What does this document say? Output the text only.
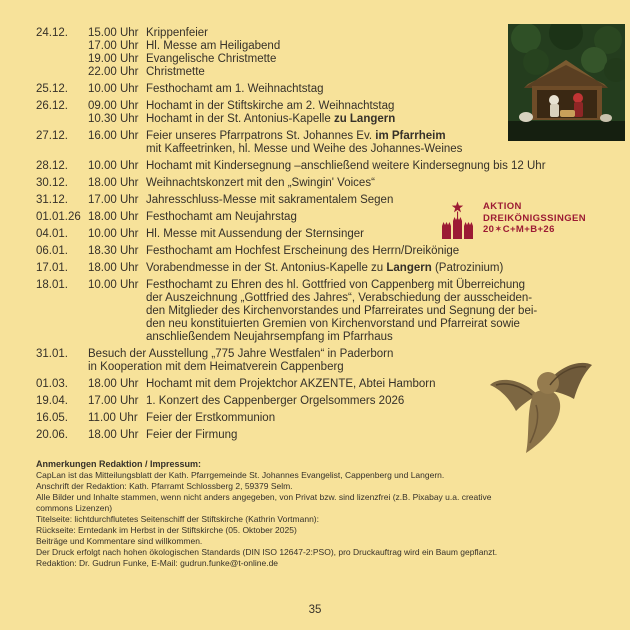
24.12.	15.00 Uhr Krippenfeier
17.00 Uhr Hl. Messe am Heiligabend
19.00 Uhr Evangelische Christmette
22.00 Uhr Christmette
25.12.	10.00 Uhr Festhochamt am 1. Weihnachtstag
26.12.	09.00 Uhr Hochamt in der Stiftskirche am 2. Weihnachtstag
10.30 Uhr Hochamt in der St. Antonius-Kapelle zu Langern
27.12.	16.00 Uhr Feier unseres Pfarrpatrons St. Johannes Ev. im Pfarrheim
mit Kaffeetrinken, hl. Messe und Weihe des Johannes-Weines
28.12.	10.00 Uhr Hochamt mit Kindersegnung –anschließend weitere Kindersegnung bis 12 Uhr
30.12.	18.00 Uhr Weihnachtskonzert mit den „Swingin' Voices“
31.12.	17.00 Uhr Jahresschluss-Messe mit sakramentalem Segen
01.01.26 18.00 Uhr Festhochamt am Neujahrstag
04.01.	10.00 Uhr Hl. Messe mit Aussendung der Sternsinger
06.01.	18.30 Uhr Festhochamt am Hochfest Erscheinung des Herrn/Dreikönige
17.01.	18.00 Uhr Vorabendmesse in der St. Antonius-Kapelle zu Langern (Patrozinium)
18.01.	10.00 Uhr Festhochamt zu Ehren des hl. Gottfried von Cappenberg mit Überreichung
der Auszeichnung „Gottfried des Jahres“, Verabschiedung der ausscheiden-
den Mitglieder des Kirchenvorstandes und Pfarreirates und Segnung der bei-
den neu konstituierten Gremien von Kirchenvorstand und Pfarreirat sowie
anschließendem Neujahrsempfang im Pfarrhaus
31.01.	Besuch der Ausstellung „775 Jahre Westfalen“ in Paderborn
in Kooperation mit dem Heimatverein Cappenberg
01.03.	18.00 Uhr Hochamt mit dem Projektchor AKZENTE, Abtei Hamborn
19.04.	17.00 Uhr 1. Konzert des Cappenberger Orgelsommers 2026
16.05.	11.00 Uhr Feier der Erstkommunion
20.06.	18.00 Uhr Feier der Firmung
AKTION
DREIKÖNIGSSINGEN
20✶C+M+B+26
Anmerkungen Redaktion / Impressum:
CapLan ist das Mitteilungsblatt der Kath. Pfarrgemeinde St. Johannes Evangelist, Cappenberg und Langern.
Anschrift der Redaktion: Kath. Pfarramt Schlossberg 2, 59379 Selm.
Alle Bilder und Inhalte stammen, wenn nicht anders angegeben, von Privat bzw. sind lizenzfrei (z.B. Pixabay u.a. creative
commons Lizenzen)
Titelseite: lichtdurchflutetes Seitenschiff der Stiftskirche (Kathrin Vortmann):
Rückseite: Erntedank im Herbst in der Stiftskirche (05. Oktober 2025)
Beiträge und Kommentare sind willkommen.
Der Druck erfolgt nach hohen ökologischen Standards (DIN ISO 12647-2:PSO), pro Druckauftrag wird ein Baum gepflanzt.
Redaktion: Dr. Gudrun Funke, E-Mail: gudrun.funke@t-online.de
35
